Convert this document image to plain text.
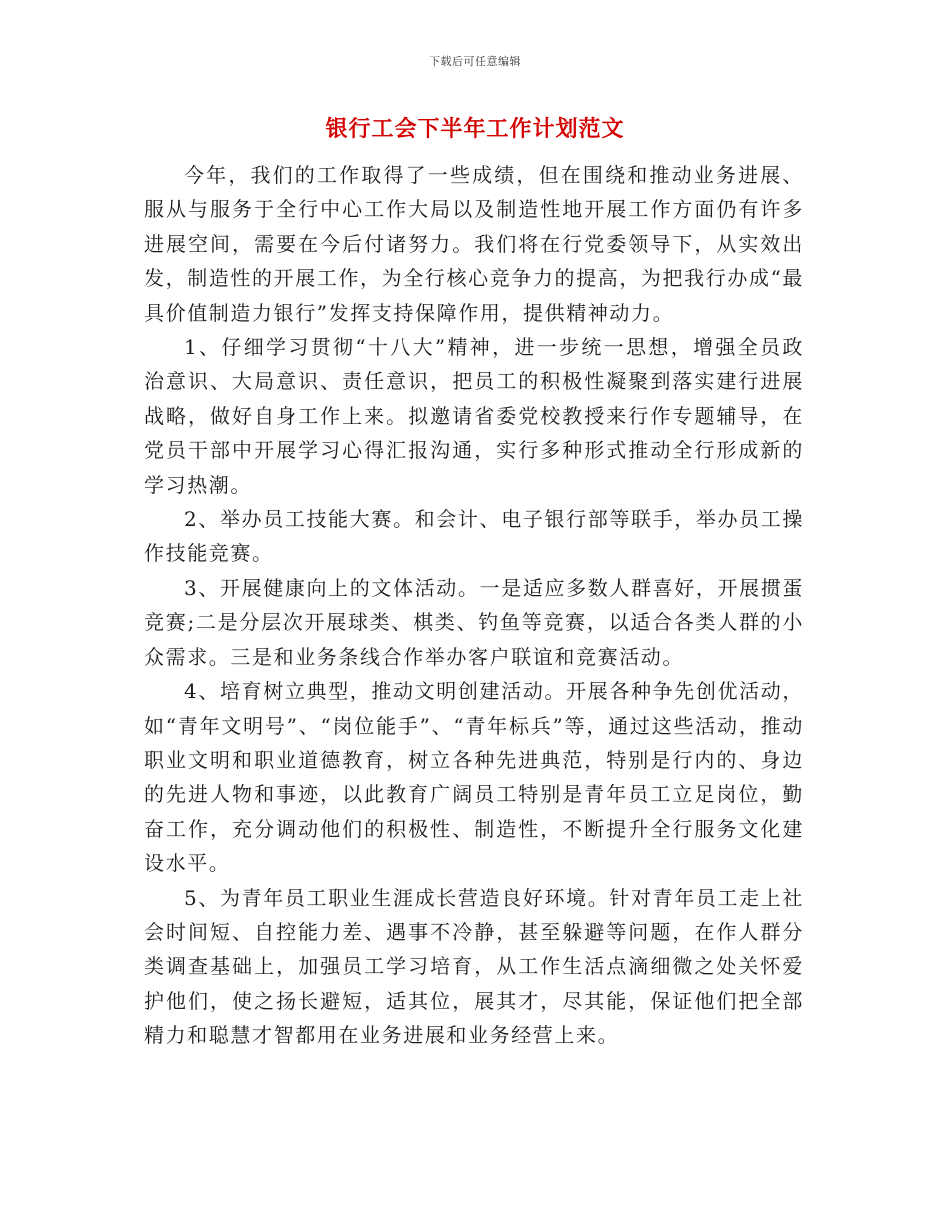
下载后可任意编辑
银行工会下半年工作计划范文

今年，我们的工作取得了一些成绩，但在围绕和推动业务进展、服从与服务于全行中心工作大局以及制造性地开展工作方面仍有许多进展空间，需要在今后付诸努力。我们将在行党委领导下，从实效出发，制造性的开展工作，为全行核心竞争力的提高，为把我行办成“最具价值制造力银行”发挥支持保障作用，提供精神动力。

1、仔细学习贯彻“十八大”精神，进一步统一思想，增强全员政治意识、大局意识、责任意识，把员工的积极性凝聚到落实建行进展战略，做好自身工作上来。拟邀请省委党校教授来行作专题辅导，在党员干部中开展学习心得汇报沟通，实行多种形式推动全行形成新的学习热潮。

2、举办员工技能大赛。和会计、电子银行部等联手，举办员工操作技能竞赛。

3、开展健康向上的文体活动。一是适应多数人群喜好，开展掼蛋竞赛;二是分层次开展球类、棋类、钓鱼等竞赛，以适合各类人群的小众需求。三是和业务条线合作举办客户联谊和竞赛活动。

4、培育树立典型，推动文明创建活动。开展各种争先创优活动，如“青年文明号”、“岗位能手”、“青年标兵”等，通过这些活动，推动职业文明和职业道德教育，树立各种先进典范，特别是行内的、身边的先进人物和事迹，以此教育广阔员工特别是青年员工立足岗位，勤奋工作，充分调动他们的积极性、制造性，不断提升全行服务文化建设水平。

5、为青年员工职业生涯成长营造良好环境。针对青年员工走上社会时间短、自控能力差、遇事不冷静，甚至躲避等问题，在作人群分类调查基础上，加强员工学习培育，从工作生活点滴细微之处关怀爱护他们，使之扬长避短，适其位，展其才，尽其能，保证他们把全部精力和聪慧才智都用在业务进展和业务经营上来。
